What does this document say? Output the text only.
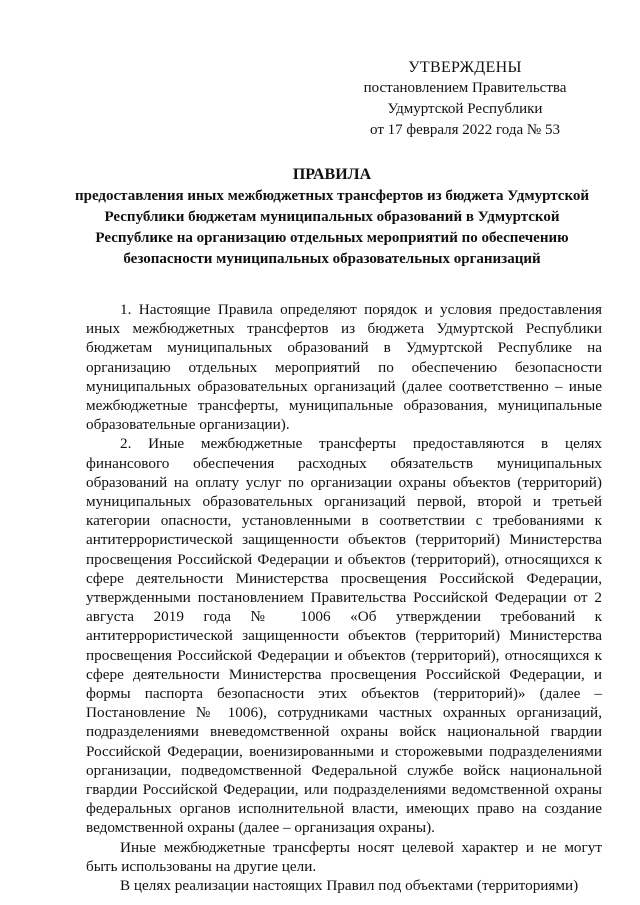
УТВЕРЖДЕНЫ
постановлением Правительства
Удмуртской Республики
от 17 февраля 2022 года № 53
ПРАВИЛА
предоставления иных межбюджетных трансфертов из бюджета Удмуртской Республики бюджетам муниципальных образований в Удмуртской Республике на организацию отдельных мероприятий по обеспечению безопасности муниципальных образовательных организаций

1. Настоящие Правила определяют порядок и условия предоставления иных межбюджетных трансфертов из бюджета Удмуртской Республики бюджетам муниципальных образований в Удмуртской Республике на организацию отдельных мероприятий по обеспечению безопасности муниципальных образовательных организаций (далее соответственно – иные межбюджетные трансферты, муниципальные образования, муниципальные образовательные организации).

2. Иные межбюджетные трансферты предоставляются в целях финансового обеспечения расходных обязательств муниципальных образований на оплату услуг по организации охраны объектов (территорий) муниципальных образовательных организаций первой, второй и третьей категории опасности, установленными в соответствии с требованиями к антитеррористической защищенности объектов (территорий) Министерства просвещения Российской Федерации и объектов (территорий), относящихся к сфере деятельности Министерства просвещения Российской Федерации, утвержденными постановлением Правительства Российской Федерации от 2 августа 2019 года № 1006 «Об утверждении требований к антитеррористической защищенности объектов (территорий) Министерства просвещения Российской Федерации и объектов (территорий), относящихся к сфере деятельности Министерства просвещения Российской Федерации, и формы паспорта безопасности этих объектов (территорий)» (далее – Постановление № 1006), сотрудниками частных охранных организаций, подразделениями вневедомственной охраны войск национальной гвардии Российской Федерации, военизированными и сторожевыми подразделениями организации, подведомственной Федеральной службе войск национальной гвардии Российской Федерации, или подразделениями ведомственной охраны федеральных органов исполнительной власти, имеющих право на создание ведомственной охраны (далее – организация охраны).

Иные межбюджетные трансферты носят целевой характер и не могут быть использованы на другие цели.

В целях реализации настоящих Правил под объектами (территориями)
